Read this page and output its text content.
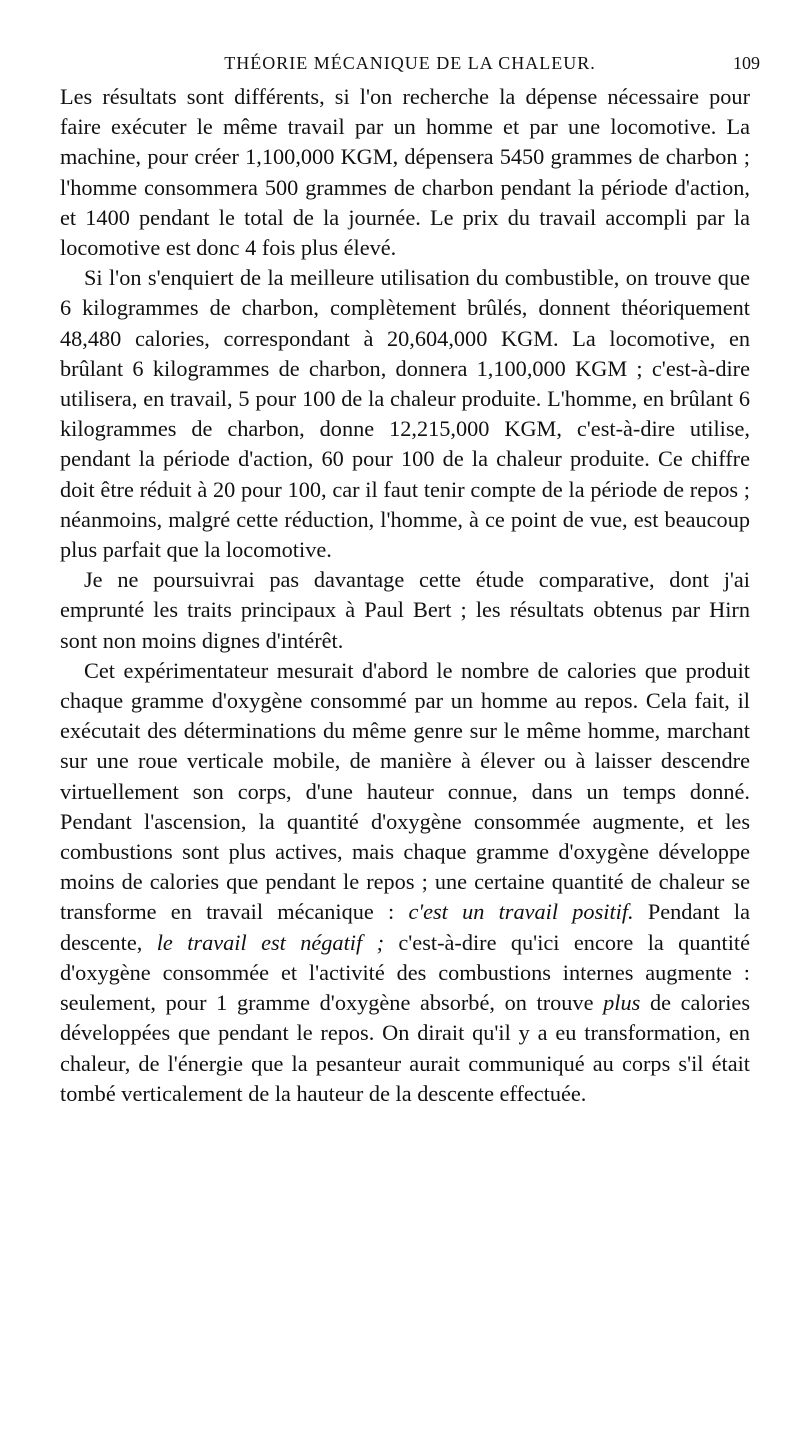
THÉORIE MÉCANIQUE DE LA CHALEUR.	109

Les résultats sont différents, si l'on recherche la dépense nécessaire pour faire exécuter le même travail par un homme et par une locomotive. La machine, pour créer 1,100,000 KGM, dépensera 5450 grammes de charbon ; l'homme consommera 500 grammes de charbon pendant la période d'action, et 1400 pendant le total de la journée. Le prix du travail accompli par la locomotive est donc 4 fois plus élevé.

Si l'on s'enquiert de la meilleure utilisation du combustible, on trouve que 6 kilogrammes de charbon, complètement brûlés, donnent théoriquement 48,480 calories, correspondant à 20,604,000 KGM. La locomotive, en brûlant 6 kilogrammes de charbon, donnera 1,100,000 KGM ; c'est-à-dire utilisera, en travail, 5 pour 100 de la chaleur produite. L'homme, en brûlant 6 kilogrammes de charbon, donne 12,215,000 KGM, c'est-à-dire utilise, pendant la période d'action, 60 pour 100 de la chaleur produite. Ce chiffre doit être réduit à 20 pour 100, car il faut tenir compte de la période de repos ; néanmoins, malgré cette réduction, l'homme, à ce point de vue, est beaucoup plus parfait que la locomotive.

Je ne poursuivrai pas davantage cette étude comparative, dont j'ai emprunté les traits principaux à Paul Bert ; les résultats obtenus par Hirn sont non moins dignes d'intérêt.

Cet expérimentateur mesurait d'abord le nombre de calories que produit chaque gramme d'oxygène consommé par un homme au repos. Cela fait, il exécutait des déterminations du même genre sur le même homme, marchant sur une roue verticale mobile, de manière à élever ou à laisser descendre virtuellement son corps, d'une hauteur connue, dans un temps donné. Pendant l'ascension, la quantité d'oxygène consommée augmente, et les combustions sont plus actives, mais chaque gramme d'oxygène développe moins de calories que pendant le repos ; une certaine quantité de chaleur se transforme en travail mécanique : c'est un travail positif. Pendant la descente, le travail est négatif ; c'est-à-dire qu'ici encore la quantité d'oxygène consommée et l'activité des combustions internes augmente : seulement, pour 1 gramme d'oxygène absorbé, on trouve plus de calories développées que pendant le repos. On dirait qu'il y a eu transformation, en chaleur, de l'énergie que la pesanteur aurait communiqué au corps s'il était tombé verticalement de la hauteur de la descente effectuée.
